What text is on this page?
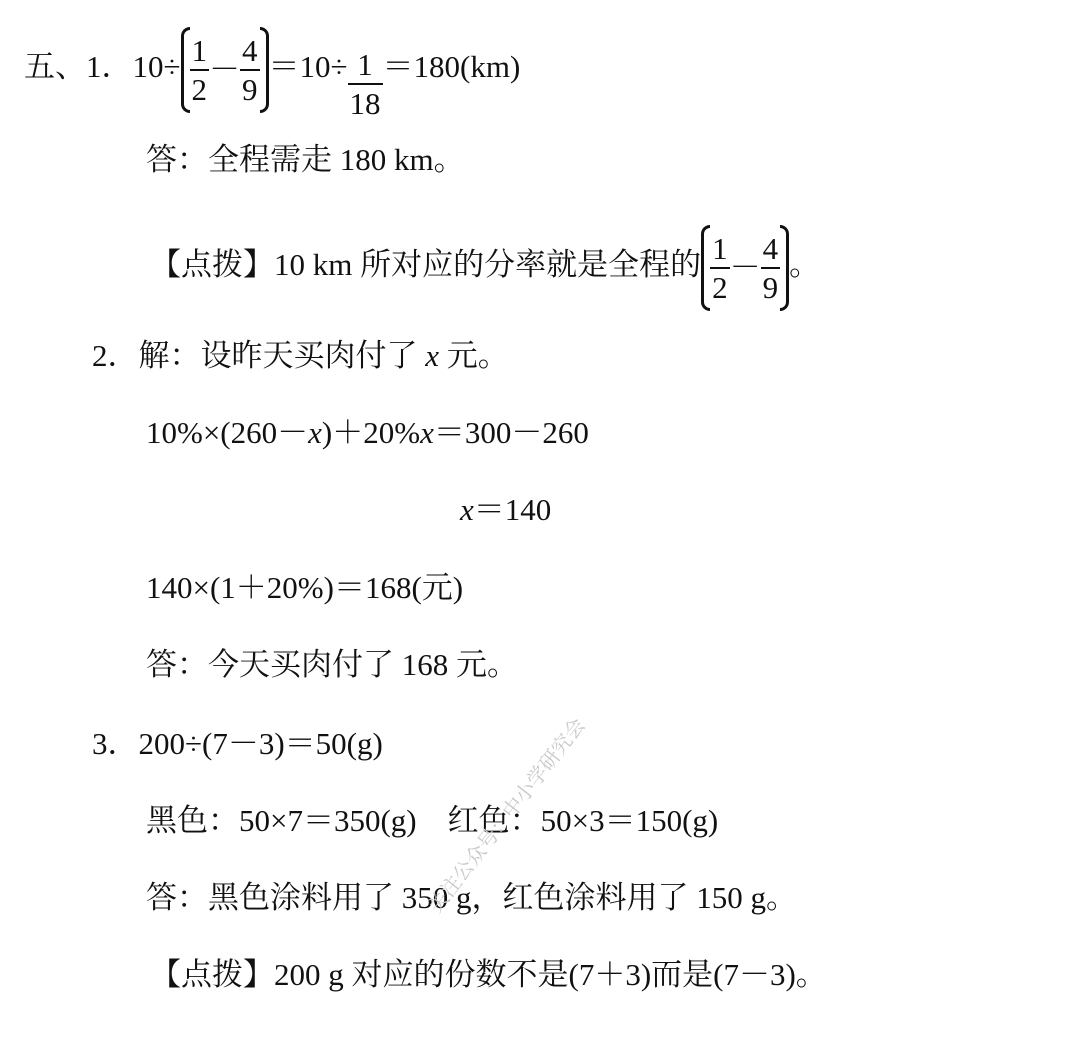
五、1．$10\div \frac{1}{2} - \frac{4}{9} =10\div \frac{1}{18} =180(km)$
答：全程需走 180 km。
【点拨】10 km 所对应的分率就是全程的 $\frac{1}{2} - \frac{4}{9}$ 。
2．解：设昨天买肉付了 x 元。
10%×(260－x)＋20%x＝300－260
x＝140
140×(1＋20%)＝168(元)
答：今天买肉付了 168 元。
3．200÷(7－3)＝50(g)
黑色：50×7＝350(g)　红色：50×3＝150(g)
答：黑色涂料用了 350 g，红色涂料用了 150 g。
【点拨】200 g 对应的份数不是(7＋3)而是(7－3)。
关注公众号：中小学研究会
